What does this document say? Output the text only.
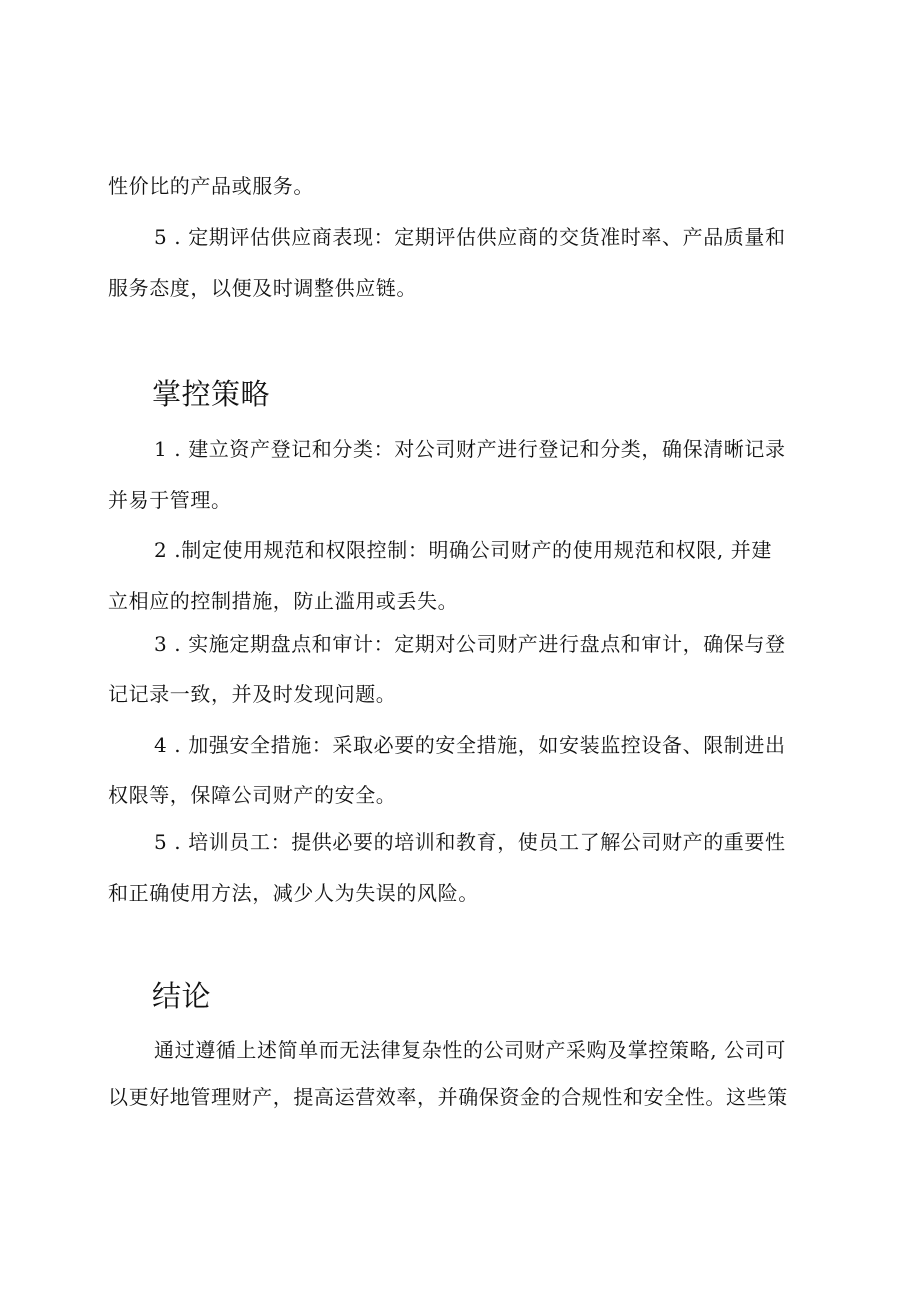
性价比的产品或服务。
5 . 定期评估供应商表现：定期评估供应商的交货准时率、产品质量和
服务态度，以便及时调整供应链。
掌控策略
1 . 建立资产登记和分类：对公司财产进行登记和分类，确保清晰记录
并易于管理。
2 .制定使用规范和权限控制：明确公司财产的使用规范和权限, 并建
立相应的控制措施，防止滥用或丢失。
3 . 实施定期盘点和审计：定期对公司财产进行盘点和审计，确保与登
记记录一致，并及时发现问题。
4 . 加强安全措施：采取必要的安全措施，如安装监控设备、限制进出
权限等，保障公司财产的安全。
5 . 培训员工：提供必要的培训和教育，使员工了解公司财产的重要性
和正确使用方法，减少人为失误的风险。
结论
通过遵循上述简单而无法律复杂性的公司财产采购及掌控策略, 公司可
以更好地管理财产，提高运营效率，并确保资金的合规性和安全性。这些策
